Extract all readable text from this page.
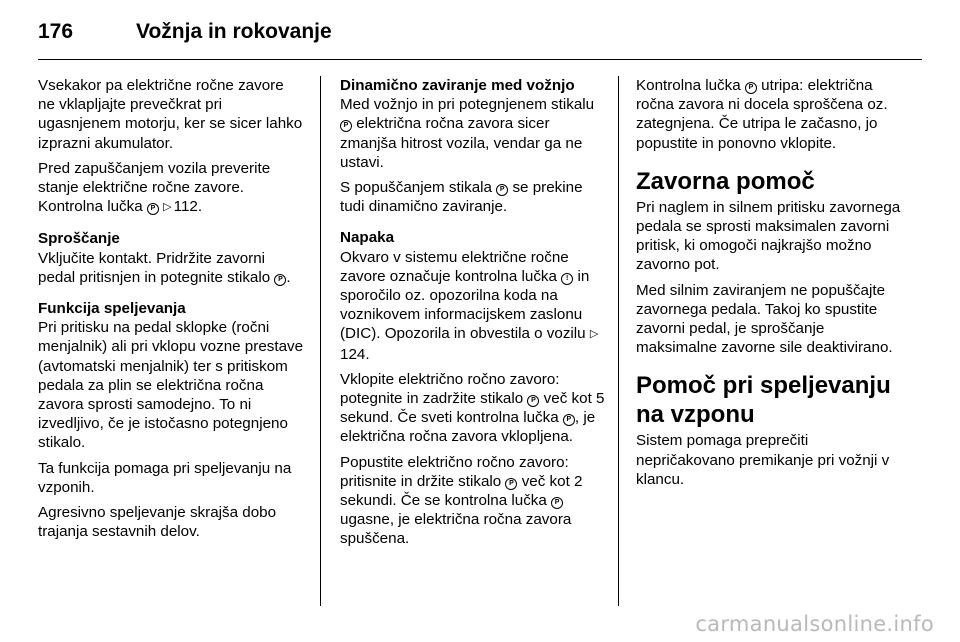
176	Vožnja in rokovanje

Vsekakor pa električne ročne zavore ne vklapljajte prevečkrat pri ugasnjenem motorju, ker se sicer lahko izprazni akumulator.

Pred zapuščanjem vozila preverite stanje električne ročne zavore. Kontrolna lučka P ▷ 112.

Sproščanje

Vključite kontakt. Pridržite zavorni pedal pritisnjen in potegnite stikalo P .

Funkcija speljevanja

Pri pritisku na pedal sklopke (ročni menjalnik) ali pri vklopu vozne prestave (avtomatski menjalnik) ter s pritiskom pedala za plin se električna ročna zavora sprosti samodejno. To ni izvedljivo, če je istočasno potegnjeno stikalo.

Ta funkcija pomaga pri speljevanju na vzponih.

Agresivno speljevanje skrajša dobo trajanja sestavnih delov.

Dinamično zaviranje med vožnjo

Med vožnjo in pri potegnjenem stikalu P električna ročna zavora sicer zmanjša hitrost vozila, vendar ga ne ustavi.

S popuščanjem stikala P se prekine tudi dinamično zaviranje.

Napaka

Okvaro v sistemu električne ročne zavore označuje kontrolna lučka ! in sporočilo oz. opozorilna koda na voznikovem informacijskem zaslonu (DIC). Opozorila in obvestila o vozilu ▷124.

Vklopite električno ročno zavoro: potegnite in zadržite stikalo P več kot 5 sekund. Če sveti kontrolna lučka P , je električna ročna zavora vklopljena.

Popustite električno ročno zavoro: pritisnite in držite stikalo P več kot 2 sekundi. Če se kontrolna lučka P ugasne, je električna ročna zavora spuščena.

Kontrolna lučka P utripa: električna ročna zavora ni docela sproščena oz. zategnjena. Če utripa le začasno, jo popustite in ponovno vklopite.

Zavorna pomoč

Pri naglem in silnem pritisku zavornega pedala se sprosti maksimalen zavorni pritisk, ki omogoči najkrajšo možno zavorno pot.

Med silnim zaviranjem ne popuščajte zavornega pedala. Takoj ko spustite zavorni pedal, je sproščanje maksimalne zavorne sile deaktivirano.

Pomoč pri speljevanju na vzponu

Sistem pomaga preprečiti nepričakovano premikanje pri vožnji v klancu.

carmanualsonline.info
